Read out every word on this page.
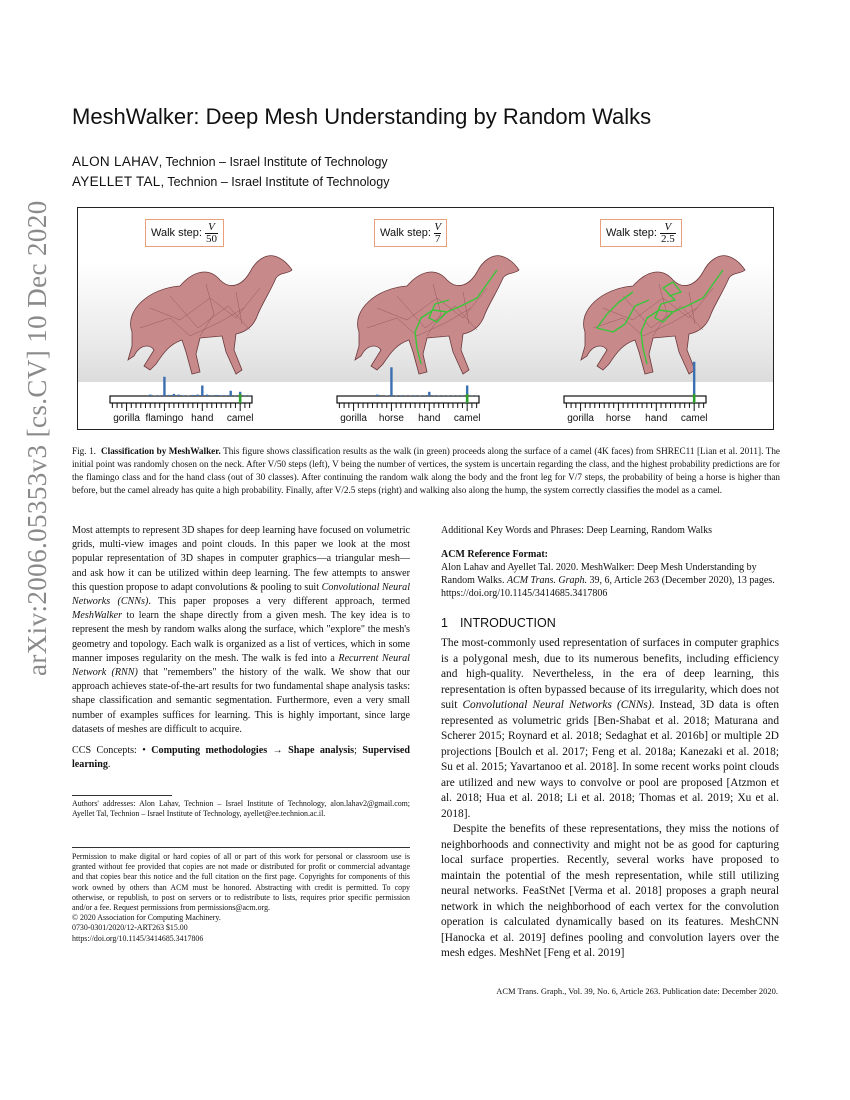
arXiv:2006.05353v3 [cs.CV] 10 Dec 2020
MeshWalker: Deep Mesh Understanding by Random Walks
ALON LAHAV, Technion – Israel Institute of Technology
AYELLET TAL, Technion – Israel Institute of Technology
Walk step: $\frac{V}{50}$	Walk step: $\frac{V}{7}$	Walk step: $\frac{V}{2.5}$
gorilla flamingo hand camel	gorilla horse hand camel	gorilla horse hand camel
Fig. 1. Classification by MeshWalker. This figure shows classification results as the walk (in green) proceeds along the surface of a camel (4K faces) from SHREC11 [Lian et al. 2011]. The initial point was randomly chosen on the neck. After V/50 steps (left), V being the number of vertices, the system is uncertain regarding the class, and the highest probability predictions are for the flamingo class and for the hand class (out of 30 classes). After continuing the random walk along the body and the front leg for V/7 steps, the probability of being a horse is higher than before, but the camel already has quite a high probability. Finally, after V/2.5 steps (right) and walking also along the hump, the system correctly classifies the model as a camel.
Most attempts to represent 3D shapes for deep learning have focused on volumetric grids, multi-view images and point clouds. In this paper we look at the most popular representation of 3D shapes in computer graphics—a triangular mesh—and ask how it can be utilized within deep learning. The few attempts to answer this question propose to adapt convolutions & pooling to suit Convolutional Neural Networks (CNNs). This paper proposes a very different approach, termed MeshWalker to learn the shape directly from a given mesh. The key idea is to represent the mesh by random walks along the surface, which "explore" the mesh's geometry and topology. Each walk is organized as a list of vertices, which in some manner imposes regularity on the mesh. The walk is fed into a Recurrent Neural Network (RNN) that "remembers" the history of the walk. We show that our approach achieves state-of-the-art results for two fundamental shape analysis tasks: shape classification and semantic segmentation. Furthermore, even a very small number of examples suffices for learning. This is highly important, since large datasets of meshes are difficult to acquire.
CCS Concepts: • Computing methodologies → Shape analysis; Supervised learning.
Authors' addresses: Alon Lahav, Technion – Israel Institute of Technology, alon.lahav2@gmail.com; Ayellet Tal, Technion – Israel Institute of Technology, ayellet@ee.technion.ac.il.
Permission to make digital or hard copies of all or part of this work for personal or classroom use is granted without fee provided that copies are not made or distributed for profit or commercial advantage and that copies bear this notice and the full citation on the first page. Copyrights for components of this work owned by others than ACM must be honored. Abstracting with credit is permitted. To copy otherwise, or republish, to post on servers or to redistribute to lists, requires prior specific permission and/or a fee. Request permissions from permissions@acm.org.
© 2020 Association for Computing Machinery.
0730-0301/2020/12-ART263 $15.00
https://doi.org/10.1145/3414685.3417806
Additional Key Words and Phrases: Deep Learning, Random Walks
ACM Reference Format:
Alon Lahav and Ayellet Tal. 2020. MeshWalker: Deep Mesh Understanding by Random Walks. ACM Trans. Graph. 39, 6, Article 263 (December 2020), 13 pages. https://doi.org/10.1145/3414685.3417806
1 INTRODUCTION

The most-commonly used representation of surfaces in computer graphics is a polygonal mesh, due to its numerous benefits, including efficiency and high-quality. Nevertheless, in the era of deep learning, this representation is often bypassed because of its irregularity, which does not suit Convolutional Neural Networks (CNNs). Instead, 3D data is often represented as volumetric grids [Ben-Shabat et al. 2018; Maturana and Scherer 2015; Roynard et al. 2018; Sedaghat et al. 2016b] or multiple 2D projections [Boulch et al. 2017; Feng et al. 2018a; Kanezaki et al. 2018; Su et al. 2015; Yavartanoo et al. 2018]. In some recent works point clouds are utilized and new ways to convolve or pool are proposed [Atzmon et al. 2018; Hua et al. 2018; Li et al. 2018; Thomas et al. 2019; Xu et al. 2018].

Despite the benefits of these representations, they miss the notions of neighborhoods and connectivity and might not be as good for capturing local surface properties. Recently, several works have proposed to maintain the potential of the mesh representation, while still utilizing neural networks. FeaStNet [Verma et al. 2018] proposes a graph neural network in which the neighborhood of each vertex for the convolution operation is calculated dynamically based on its features. MeshCNN [Hanocka et al. 2019] defines pooling and convolution layers over the mesh edges. MeshNet [Feng et al. 2019]

ACM Trans. Graph., Vol. 39, No. 6, Article 263. Publication date: December 2020.
